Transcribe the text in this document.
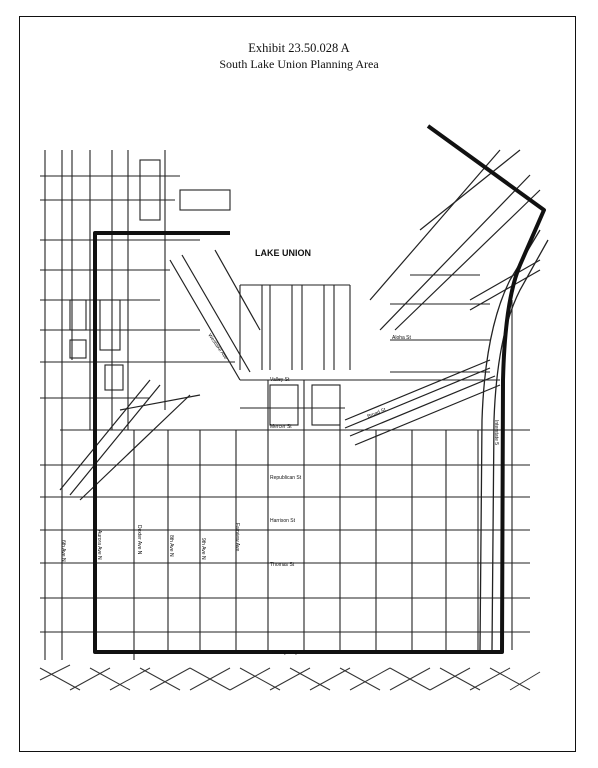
Exhibit 23.50.028 A
South Lake Union Planning Area
LAKE UNION
Westlake Ave
Valley St
Aloha St
Mercer St
Republican St
Harrison St
Thomas St
Denny Way
Fairview Ave
Dexter Ave N
Aurora Ave N	8th Ave N	9th Ave N
6th Ave N
Broad St
Interstate 5
